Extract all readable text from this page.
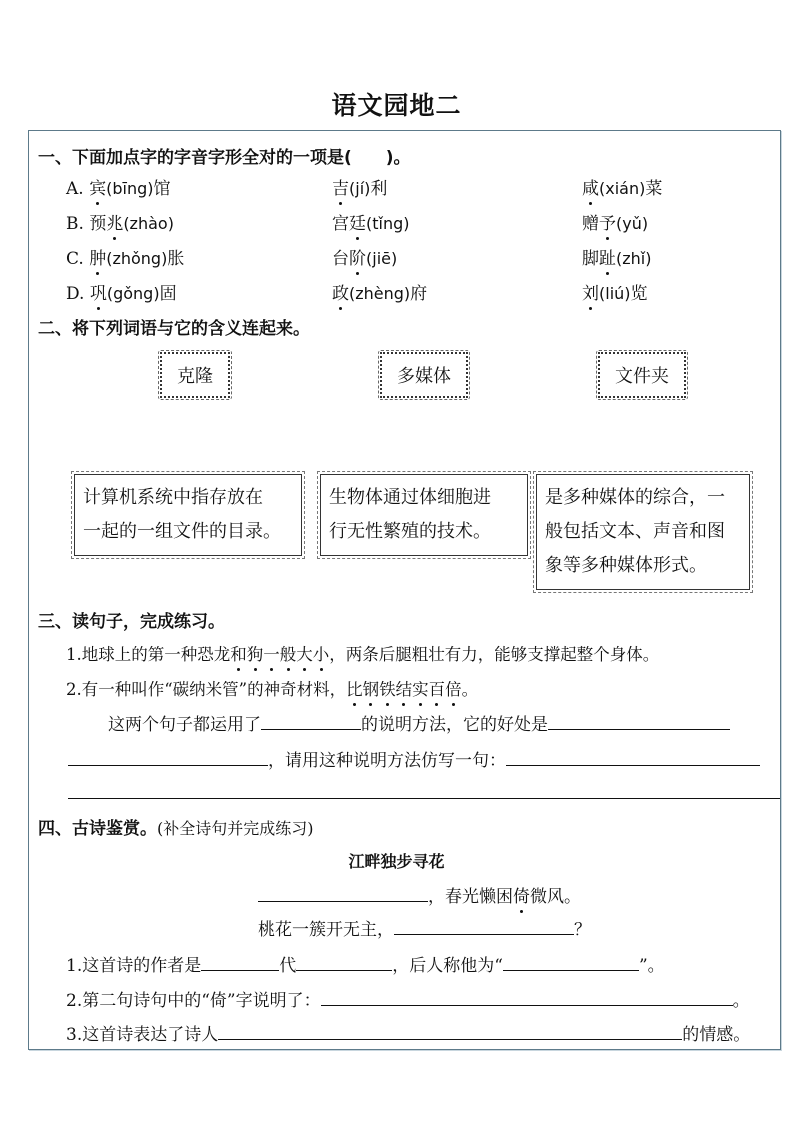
语文园地二
一、下面加点字的字音字形全对的一项是(　　)。
A. 宾(bīng)馆	吉(jí)利	咸(xián)菜
B. 预兆(zhào)	宫廷(tǐng)	赠予(yǔ)
C. 肿(zhǒng)胀	台阶(jiē)	脚趾(zhǐ)
D. 巩(gǒng)固	政(zhèng)府	刘(liú)览
二、将下列词语与它的含义连起来。
克隆	多媒体	文件夹
计算机系统中指存放在
一起的一组文件的目录。
生物体通过体细胞进
行无性繁殖的技术。
是多种媒体的综合，一
般包括文本、声音和图
象等多种媒体形式。
三、读句子，完成练习。
1.地球上的第一种恐龙和狗一般大小，两条后腿粗壮有力，能够支撑起整个身体。
2.有一种叫作“碳纳米管”的神奇材料，比钢铁结实百倍。
这两个句子都运用了	的说明方法，它的好处是
，请用这种说明方法仿写一句：
四、古诗鉴赏。(补全诗句并完成练习)
江畔独步寻花
，春光懒困倚微风。
桃花一簇开无主，	？
1.这首诗的作者是	代	，后人称他为“	”。
2.第二句诗句中的“倚”字说明了：	。
3.这首诗表达了诗人	的情感。
